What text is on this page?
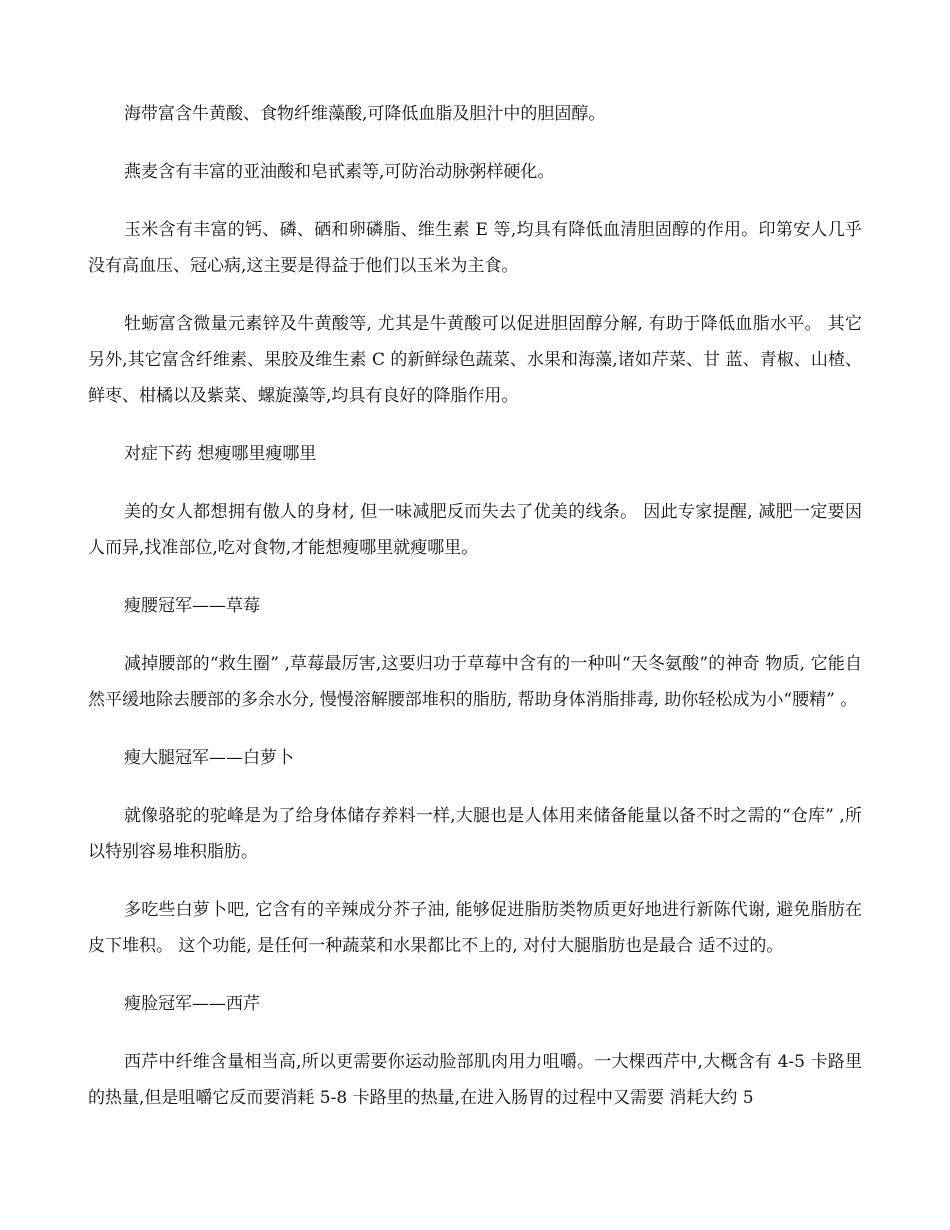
海带富含牛黄酸、食物纤维藻酸,可降低血脂及胆汁中的胆固醇。

燕麦含有丰富的亚油酸和皂甙素等,可防治动脉粥样硬化。

玉米含有丰富的钙、磷、硒和卵磷脂、维生素 E 等,均具有降低血清胆固醇的作用。印第安人几乎没有高血压、冠心病,这主要是得益于他们以玉米为主食。

牡蛎富含微量元素锌及牛黄酸等, 尤其是牛黄酸可以促进胆固醇分解, 有助于降低血脂水平。 其它另外,其它富含纤维素、果胶及维生素 C 的新鲜绿色蔬菜、水果和海藻,诸如芹菜、甘 蓝、青椒、山楂、鲜枣、柑橘以及紫菜、螺旋藻等,均具有良好的降脂作用。

对症下药 想瘦哪里瘦哪里

美的女人都想拥有傲人的身材, 但一味减肥反而失去了优美的线条。 因此专家提醒, 减肥一定要因人而异,找准部位,吃对食物,才能想瘦哪里就瘦哪里。

瘦腰冠军——草莓

减掉腰部的“救生圈” ,草莓最厉害,这要归功于草莓中含有的一种叫“天冬氨酸”的神奇 物质, 它能自然平缓地除去腰部的多余水分, 慢慢溶解腰部堆积的脂肪, 帮助身体消脂排毒, 助你轻松成为小“腰精” 。

瘦大腿冠军——白萝卜

就像骆驼的驼峰是为了给身体储存养料一样,大腿也是人体用来储备能量以备不时之需的“仓库” ,所以特别容易堆积脂肪。

多吃些白萝卜吧, 它含有的辛辣成分芥子油, 能够促进脂肪类物质更好地进行新陈代谢, 避免脂肪在皮下堆积。 这个功能, 是任何一种蔬菜和水果都比不上的, 对付大腿脂肪也是最合 适不过的。

瘦脸冠军——西芹

西芹中纤维含量相当高,所以更需要你运动脸部肌肉用力咀嚼。一大棵西芹中,大概含有 4-5 卡路里的热量,但是咀嚼它反而要消耗 5-8 卡路里的热量,在进入肠胃的过程中又需要 消耗大约 5
